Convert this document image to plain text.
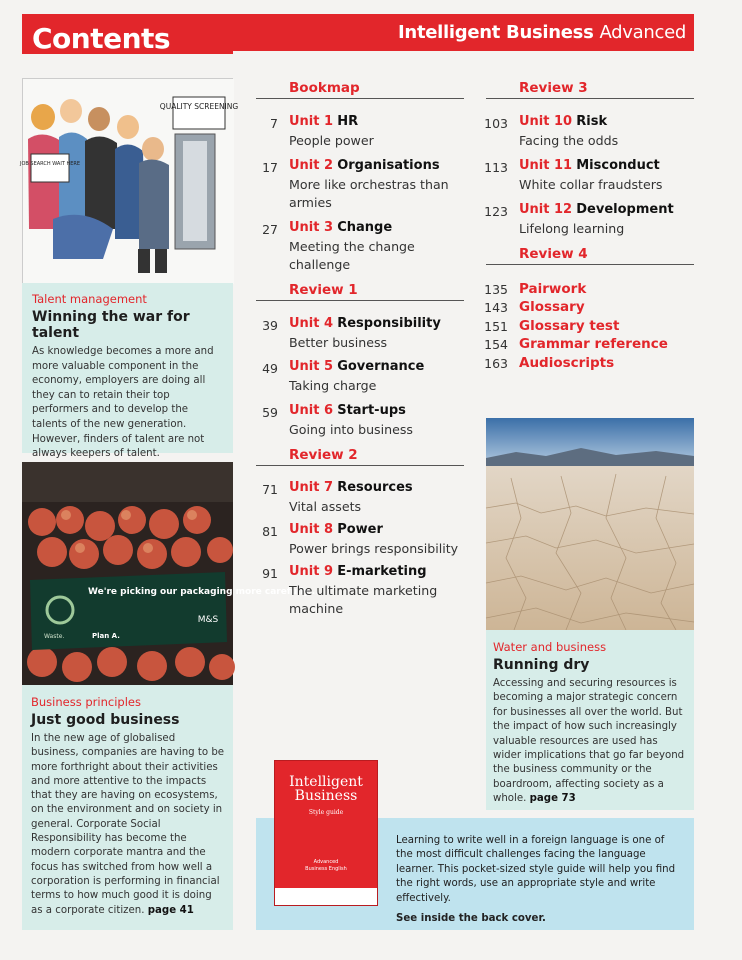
Contents	Intelligent Business Advanced
QUALITY SCREENING
JOB SEARCH WAIT HERE
Talent management
Winning the war for talent
As knowledge becomes a more and more valuable component in the economy, employers are doing all they can to retain their top performers and to develop the talents of the new generation. However, finders of talent are not always keepers of talent.

We're picking our packaging more carefully...
M&S
Waste.	Plan A.
Business principles
Just good business
In the new age of globalised business, companies are having to be more forthright about their activities and more attentive to the impacts that they are having on ecosystems, on the environment and on society in general. Corporate Social Responsibility has become the modern corporate mantra and the focus has switched from how well a corporation is performing in financial terms to how much good it is doing as a corporate citizen. page 41
Bookmap
Review 1
Review 2
Review 3
Review 4
Water and business
Running dry
Accessing and securing resources is becoming a major strategic concern for businesses all over the world. But the impact of how such increasingly valuable resources are used has wider implications that go far beyond the business community or the boardroom, affecting society as a whole. page 73
Learning to write well in a foreign language is one of the most difficult challenges facing the language learner. This pocket-sized style guide will help you find the right words, use an appropriate style and write effectively.
See inside the back cover.
Intelligent
Business
Style guide
Advanced
Business English
7 Unit 1 HR
People power
17 Unit 2 Organisations
More like orchestras than
armies
27 Unit 3 Change
Meeting the change
challenge
39 Unit 4 Responsibility
Better business
49 Unit 5 Governance
Taking charge
59 Unit 6 Start-ups
Going into business
71 Unit 7 Resources
Vital assets
81 Unit 8 Power
Power brings responsibility
91 Unit 9 E-marketing
The ultimate marketing
machine
103 Unit 10 Risk
Facing the odds
113 Unit 11 Misconduct
White collar fraudsters
123 Unit 12 Development
Lifelong learning
135 Pairwork
143 Glossary
151 Glossary test
154 Grammar reference
163 Audioscripts
